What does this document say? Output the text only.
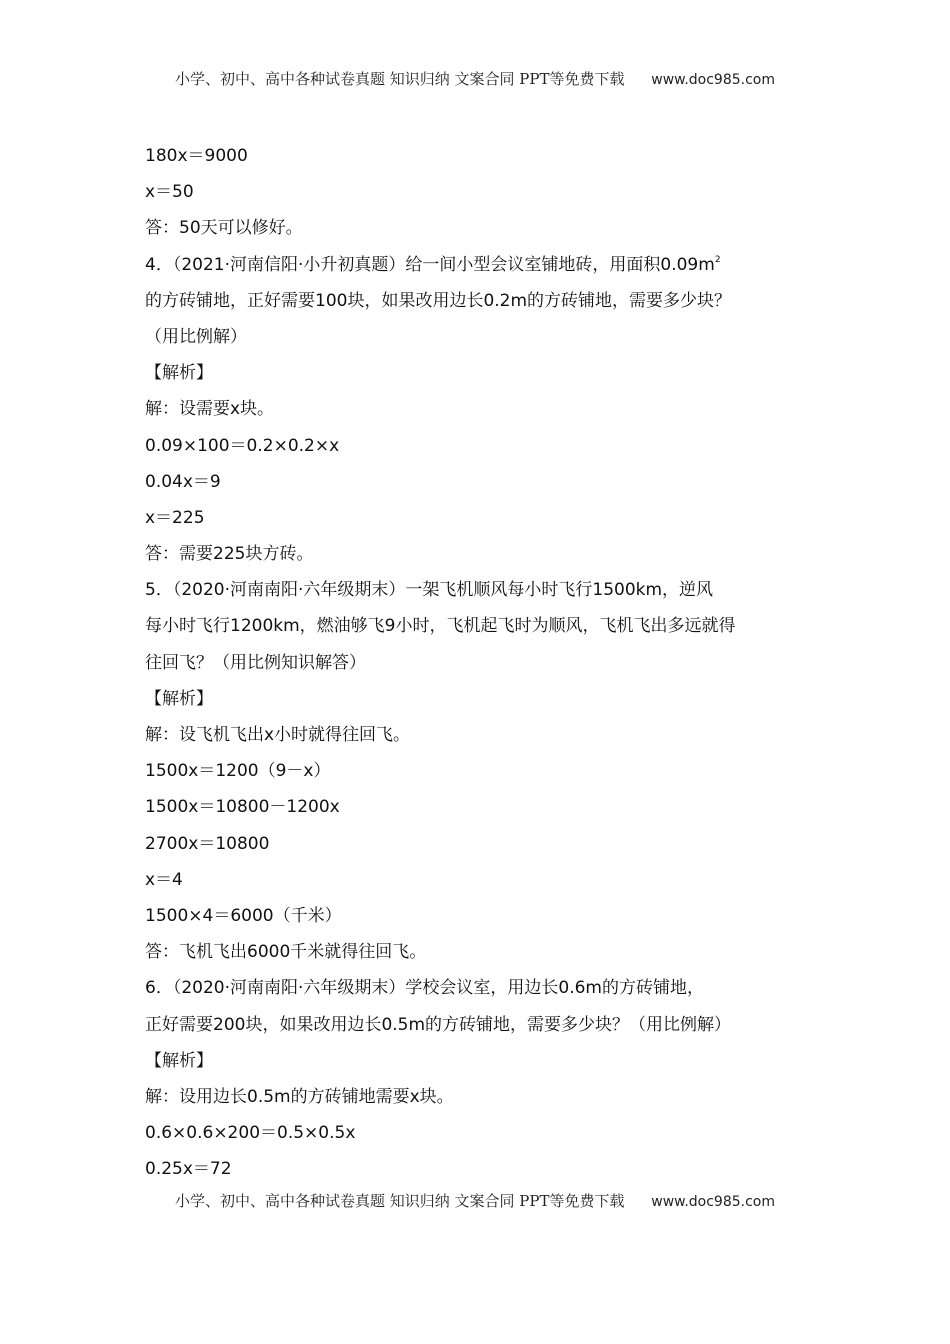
小学、初中、高中各种试卷真题 知识归纳 文案合同 PPT等免费下载 www.doc985.com
180x＝9000
x＝50
答：50天可以修好。
4．（2021·河南信阳·小升初真题）给一间小型会议室铺地砖，用面积$0.09m^2$
的方砖铺地，正好需要100块，如果改用边长0.2m的方砖铺地，需要多少块？
（用比例解）
【解析】
解：设需要x块。
0.09×100＝0.2×0.2×x
0.04x＝9
x＝225
答：需要225块方砖。
5．（2020·河南南阳·六年级期末）一架飞机顺风每小时飞行1500km，逆风
每小时飞行1200km，燃油够飞9小时，飞机起飞时为顺风，飞机飞出多远就得
往回飞？（用比例知识解答）
【解析】
解：设飞机飞出x小时就得往回飞。
1500x＝1200（9－x）
1500x＝10800－1200x
2700x＝10800
x＝4
1500×4＝6000（千米）
答：飞机飞出6000千米就得往回飞。
6．（2020·河南南阳·六年级期末）学校会议室，用边长0.6m的方砖铺地，
正好需要200块，如果改用边长0.5m的方砖铺地，需要多少块？（用比例解）
【解析】
解：设用边长0.5m的方砖铺地需要x块。
0.6×0.6×200＝0.5×0.5x
0.25x＝72
小学、初中、高中各种试卷真题 知识归纳 文案合同 PPT等免费下载 www.doc985.com
